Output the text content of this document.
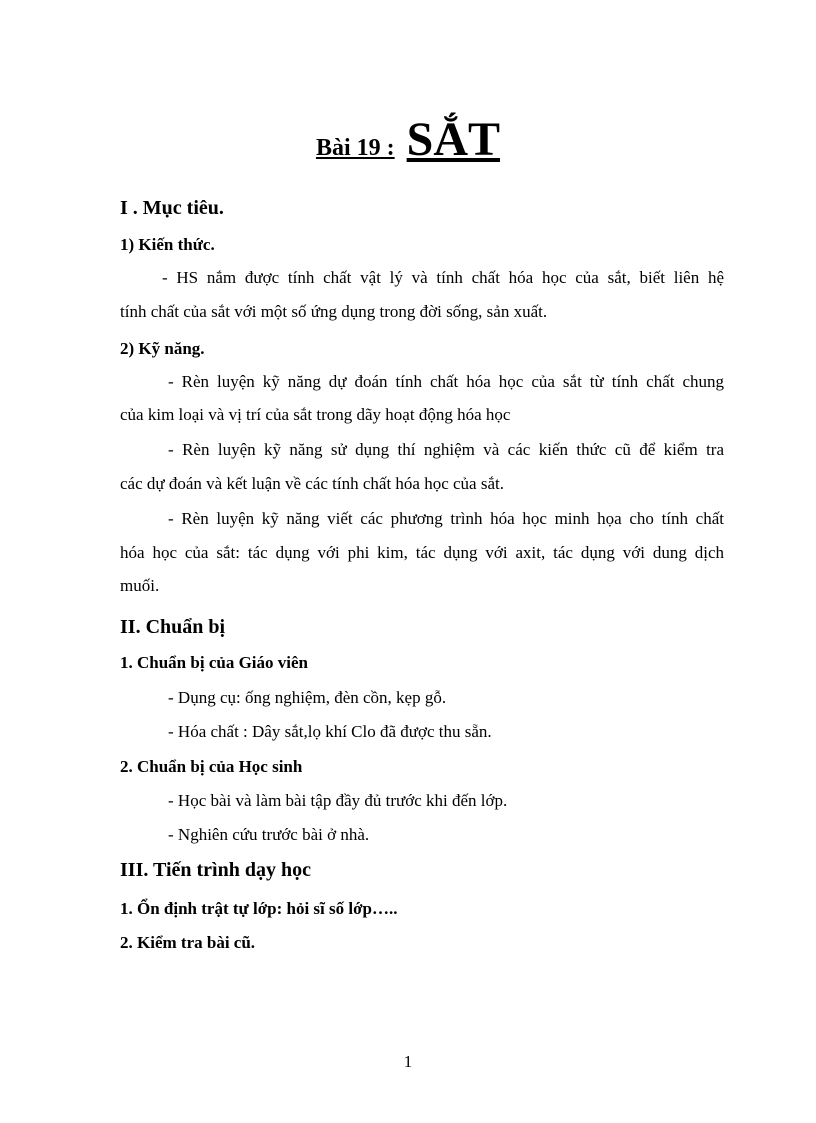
Bài 19 : SẮT
I . Mục tiêu.
1) Kiến thức.
- HS nắm được tính chất vật lý và tính chất hóa học của sắt, biết liên hệ
tính chất của sắt với một số ứng dụng trong đời sống, sản xuất.
2) Kỹ năng.
- Rèn luyện kỹ năng dự đoán tính chất hóa học của sắt từ tính chất chung
của kim loại và vị trí của sắt trong dãy hoạt động hóa học
- Rèn luyện kỹ năng sử dụng thí nghiệm và các kiến thức cũ để kiểm tra
các dự đoán và kết luận về các tính chất hóa học của sắt.
- Rèn luyện kỹ năng viết các phương trình hóa học minh họa cho tính chất
hóa học của sắt: tác dụng với phi kim, tác dụng với axit, tác dụng với dung dịch
muối.
II. Chuẩn bị
1. Chuẩn bị của Giáo viên
- Dụng cụ: ống nghiệm, đèn cồn, kẹp gỗ.
- Hóa chất : Dây sắt,lọ khí Clo đã được thu sẵn.
2. Chuẩn bị của Học sinh
- Học bài và làm bài tập đầy đủ trước khi đến lớp.
- Nghiên cứu trước bài ở nhà.
III. Tiến trình dạy học
1. Ổn định trật tự lớp: hỏi sĩ số lớp…..
2. Kiểm tra bài cũ.
1
